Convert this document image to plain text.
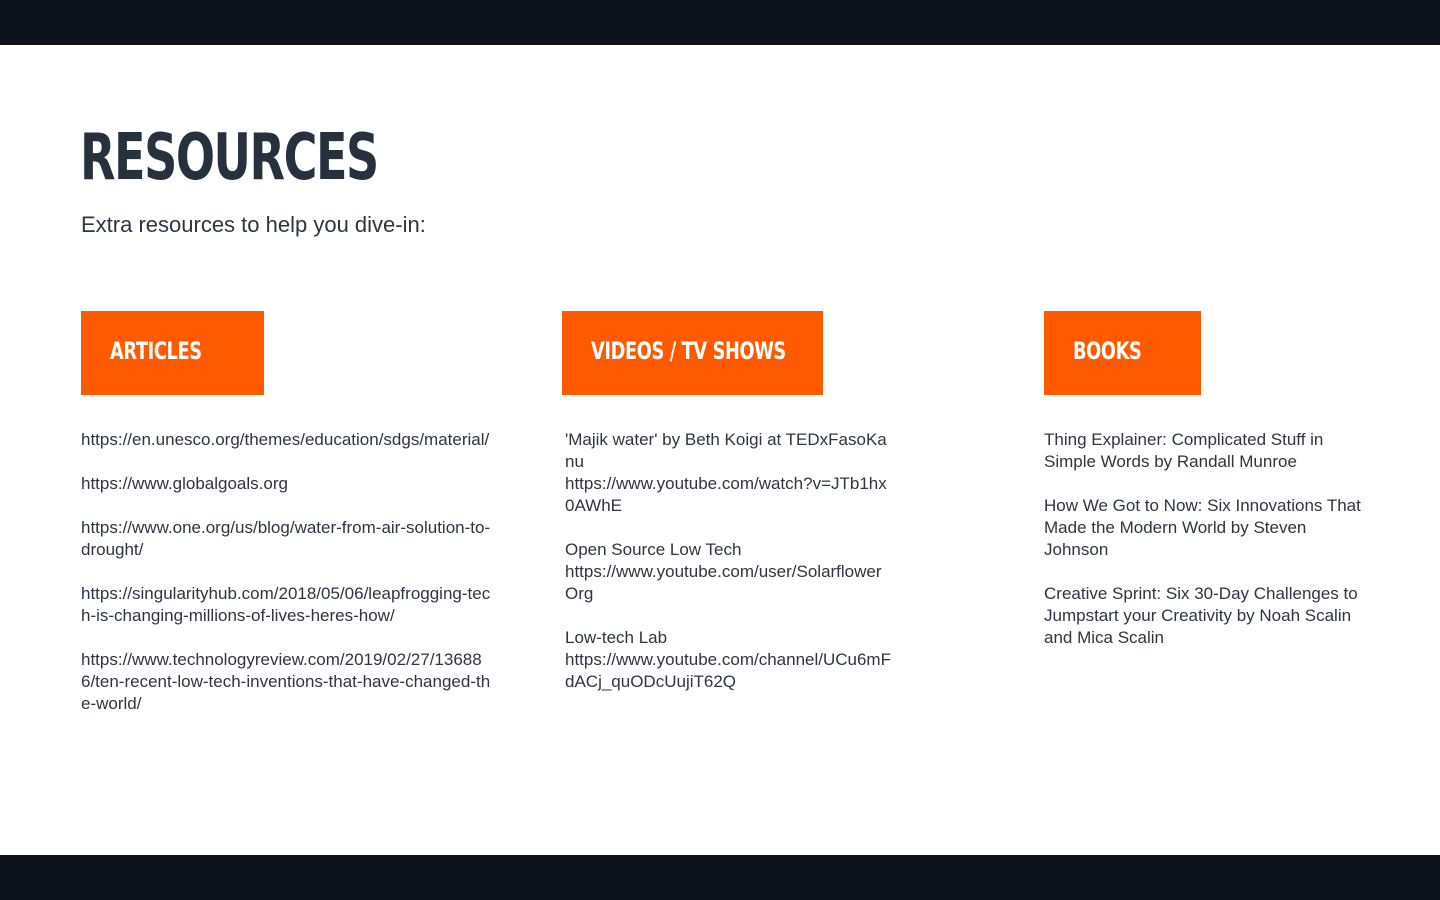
RESOURCES

Extra resources to help you dive-in:

ARTICLES

https://en.unesco.org/themes/education/sdgs/material/

https://www.globalgoals.org

https://www.one.org/us/blog/water-from-air-solution-to-drought/

https://singularityhub.com/2018/05/06/leapfrogging-tech-is-changing-millions-of-lives-heres-how/

https://www.technologyreview.com/2019/02/27/136886/ten-recent-low-tech-inventions-that-have-changed-the-world/

VIDEOS / TV SHOWS
'Majik water' by Beth Koigi at TEDxFasoKanu
https://www.youtube.com/watch?v=JTb1hx0AWhE
Open Source Low Tech
https://www.youtube.com/user/SolarflowerOrg
Low-tech Lab
https://www.youtube.com/channel/UCu6mFdACj_quODcUujiT62Q
BOOKS

Thing Explainer: Complicated Stuff in Simple Words by Randall Munroe

How We Got to Now: Six Innovations That Made the Modern World by Steven Johnson

Creative Sprint: Six 30-Day Challenges to Jumpstart your Creativity by Noah Scalin and Mica Scalin
